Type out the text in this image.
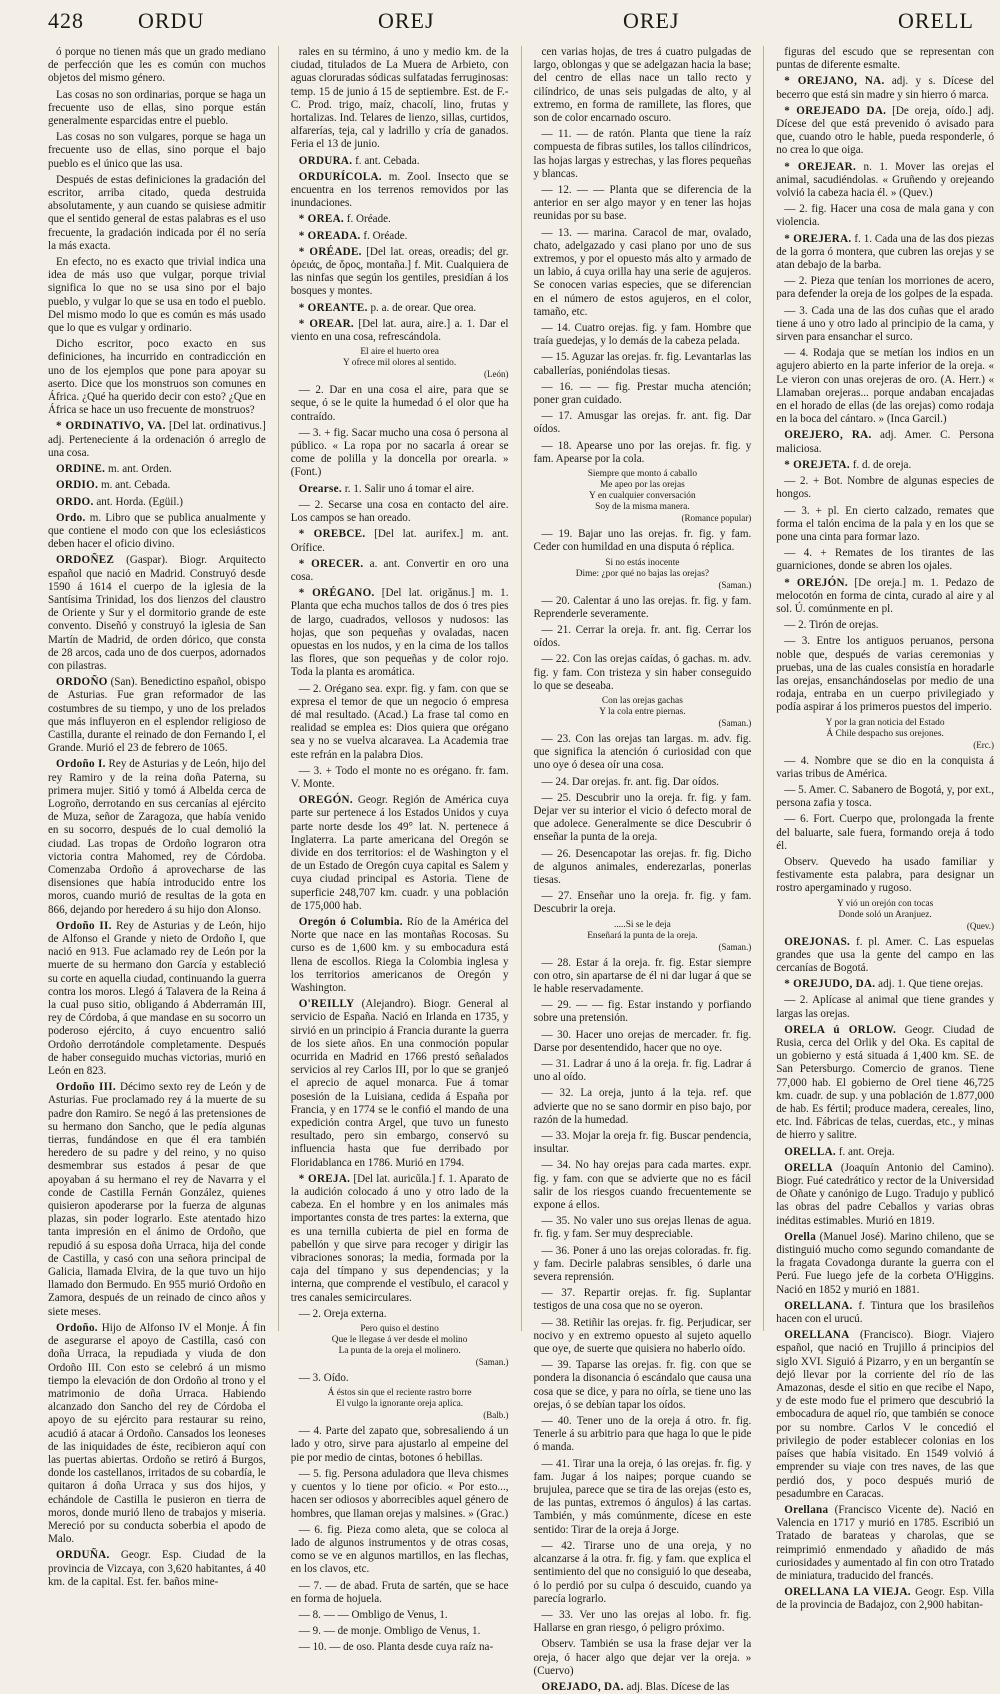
428 ORDU	OREJ	OREJ	ORELL

ó porque no tienen más que un grado mediano de perfección que les es común con muchos objetos del mismo género.

Las cosas no son ordinarias, porque se haga un frecuente uso de ellas, sino porque están generalmente esparcidas entre el pueblo.

Las cosas no son vulgares, porque se haga un frecuente uso de ellas, sino porque el bajo pueblo es el único que las usa.

Después de estas definiciones la gradación del escritor, arriba citado, queda destruida absolutamente, y aun cuando se quisiese admitir que el sentido general de estas palabras es el uso frecuente, la gradación indicada por él no sería la más exacta.

En efecto, no es exacto que trivial indica una idea de más uso que vulgar, porque trivial significa lo que no se usa sino por el bajo pueblo, y vulgar lo que se usa en todo el pueblo. Del mismo modo lo que es común es más usado que lo que es vulgar y ordinario.

Dicho escritor, poco exacto en sus definiciones, ha incurrido en contradicción en uno de los ejemplos que pone para apoyar su aserto. Dice que los monstruos son comunes en África. ¿Qué ha querido decir con esto? ¿Que en África se hace un uso frecuente de monstruos?

* ORDINATIVO, VA. [Del lat. ordinativus.] adj. Perteneciente á la ordenación ó arreglo de una cosa.

ORDINE. m. ant. Orden.

ORDIO. m. ant. Cebada.

ORDO. ant. Horda. (Egüil.)

Ordo. m. Libro que se publica anualmente y que contiene el modo con que los eclesiásticos deben hacer el oficio divino.

ORDOÑEZ (Gaspar). Biogr. Arquitecto español que nació en Madrid. Construyó desde 1590 á 1614 el cuerpo de la iglesia de la Santísima Trinidad, los dos lienzos del claustro de Oriente y Sur y el dormitorio grande de este convento. Diseñó y construyó la iglesia de San Martín de Madrid, de orden dórico, que consta de 28 arcos, cada uno de dos cuerpos, adornados con pilastras.

ORDOÑO (San). Benedictino español, obispo de Asturias. Fue gran reformador de las costumbres de su tiempo, y uno de los prelados que más influyeron en el esplendor religioso de Castilla, durante el reinado de don Fernando I, el Grande. Murió el 23 de febrero de 1065.

Ordoño I. Rey de Asturias y de León, hijo del rey Ramiro y de la reina doña Paterna, su primera mujer. Sitió y tomó á Albelda cerca de Logroño, derrotando en sus cercanías al ejército de Muza, señor de Zaragoza, que había venido en su socorro, después de lo cual demolió la ciudad. Las tropas de Ordoño lograron otra victoria contra Mahomed, rey de Córdoba. Comenzaba Ordoño á aprovecharse de las disensiones que había introducido entre los moros, cuando murió de resultas de la gota en 866, dejando por heredero á su hijo don Alonso.

Ordoño II. Rey de Asturias y de León, hijo de Alfonso el Grande y nieto de Ordoño I, que nació en 913. Fue aclamado rey de León por la muerte de su hermano don García y estableció su corte en aquella ciudad, continuando la guerra contra los moros. Llegó á Talavera de la Reina á la cual puso sitio, obligando á Abderramán III, rey de Córdoba, á que mandase en su socorro un poderoso ejército, á cuyo encuentro salió Ordoño derrotándole completamente. Después de haber conseguido muchas victorias, murió en León en 823.

Ordoño III. Décimo sexto rey de León y de Asturias. Fue proclamado rey á la muerte de su padre don Ramiro. Se negó á las pretensiones de su hermano don Sancho, que le pedía algunas tierras, fundándose en que él era también heredero de su padre y del reino, y no quiso desmembrar sus estados á pesar de que apoyaban á su hermano el rey de Navarra y el conde de Castilla Fernán González, quienes quisieron apoderarse por la fuerza de algunas plazas, sin poder lograrlo. Este atentado hizo tanta impresión en el ánimo de Ordoño, que repudió á su esposa doña Urraca, hija del conde de Castilla, y casó con una señora principal de Galicia, llamada Elvira, de la que tuvo un hijo llamado don Bermudo. En 955 murió Ordoño en Zamora, después de un reinado de cinco años y siete meses.

Ordoño. Hijo de Alfonso IV el Monje. Á fin de asegurarse el apoyo de Castilla, casó con doña Urraca, la repudiada y viuda de don Ordoño III. Con esto se celebró á un mismo tiempo la elevación de don Ordoño al trono y el matrimonio de doña Urraca. Habiendo alcanzado don Sancho del rey de Córdoba el apoyo de su ejército para restaurar su reino, acudió á atacar á Ordoño. Cansados los leoneses de las iniquidades de éste, recibieron aquí con las puertas abiertas. Ordoño se retiró á Burgos, donde los castellanos, irritados de su cobardía, le quitaron á doña Urraca y sus dos hijos, y echándole de Castilla le pusieron en tierra de moros, donde murió lleno de trabajos y miseria. Mereció por su conducta soberbia el apodo de Malo.

ORDUÑA. Geogr. Esp. Ciudad de la provincia de Vizcaya, con 3,620 habitantes, á 40 km. de la capital. Est. fer. baños mine-

rales en su término, á uno y medio km. de la ciudad, titulados de La Muera de Arbieto, con aguas cloruradas sódicas sulfatadas ferruginosas: temp. 15 de junio á 15 de septiembre. Est. de F.-C. Prod. trigo, maíz, chacolí, lino, frutas y hortalizas. Ind. Telares de lienzo, sillas, curtidos, alfarerías, teja, cal y ladrillo y cría de ganados. Feria el 13 de junio.

ORDURA. f. ant. Cebada.

ORDURÍCOLA. m. Zool. Insecto que se encuentra en los terrenos removidos por las inundaciones.

* OREA. f. Oréade.

* OREADA. f. Oréade.

* ORÉADE. [Del lat. oreas, oreadis; del gr. ὀρειάς, de ὄρος, montaña.] f. Mit. Cualquiera de las ninfas que según los gentiles, presidían á los bosques y montes.

* OREANTE. p. a. de orear. Que orea.

* OREAR. [Del lat. aura, aire.] a. 1. Dar el viento en una cosa, refrescándola.

El aire el huerto orea
Y ofrece mil olores al sentido.
(León)

— 2. Dar en una cosa el aire, para que se seque, ó se le quite la humedad ó el olor que ha contraído.

— 3. + fig. Sacar mucho una cosa ó persona al público. « La ropa por no sacarla á orear se come de polilla y la doncella por orearla. » (Font.)

Orearse. r. 1. Salir uno á tomar el aire.

— 2. Secarse una cosa en contacto del aire. Los campos se han oreado.

* OREBCE. [Del lat. aurifex.] m. ant. Orífice.

* ORECER. a. ant. Convertir en oro una cosa.

* ORÉGANO. [Del lat. origănus.] m. 1. Planta que echa muchos tallos de dos ó tres pies de largo, cuadrados, vellosos y nudosos: las hojas, que son pequeñas y ovaladas, nacen opuestas en los nudos, y en la cima de los tallos las flores, que son pequeñas y de color rojo. Toda la planta es aromática.

— 2. Orégano sea. expr. fig. y fam. con que se expresa el temor de que un negocio ó empresa dé mal resultado. (Acad.) La frase tal como en realidad se emplea es: Dios quiera que orégano sea y no se vuelva alcaravea. La Academia trae este refrán en la palabra Dios.

— 3. + Todo el monte no es orégano. fr. fam. V. Monte.

OREGÓN. Geogr. Región de América cuya parte sur pertenece á los Estados Unidos y cuya parte norte desde los 49° lat. N. pertenece á Inglaterra. La parte americana del Oregón se divide en dos territorios: el de Washington y el de un Estado de Oregón cuya capital es Salem y cuya ciudad principal es Astoria. Tiene de superficie 248,707 km. cuadr. y una población de 175,000 hab.

Oregón ó Columbia. Río de la América del Norte que nace en las montañas Rocosas. Su curso es de 1,600 km. y su embocadura está llena de escollos. Riega la Colombia inglesa y los territorios americanos de Oregón y Washington.

O'REILLY (Alejandro). Biogr. General al servicio de España. Nació en Irlanda en 1735, y sirvió en un principio á Francia durante la guerra de los siete años. En una conmoción popular ocurrida en Madrid en 1766 prestó señalados servicios al rey Carlos III, por lo que se granjeó el aprecio de aquel monarca. Fue á tomar posesión de la Luisiana, cedida á España por Francia, y en 1774 se le confió el mando de una expedición contra Argel, que tuvo un funesto resultado, pero sin embargo, conservó su influencia hasta que fue derribado por Floridablanca en 1786. Murió en 1794.

* OREJA. [Del lat. auricŭla.] f. 1. Aparato de la audición colocado á uno y otro lado de la cabeza. En el hombre y en los animales más importantes consta de tres partes: la externa, que es una ternilla cubierta de piel en forma de pabellón y que sirve para recoger y dirigir las vibraciones sonoras; la media, formada por la caja del tímpano y sus dependencias; y la interna, que comprende el vestíbulo, el caracol y tres canales semicirculares.

— 2. Oreja externa.

Pero quiso el destino
Que le llegase á ver desde el molino
La punta de la oreja el molinero.
(Saman.)

— 3. Oído.

Á éstos sin que el reciente rastro borre
El vulgo la ignorante oreja aplica.
(Balb.)

— 4. Parte del zapato que, sobresaliendo á un lado y otro, sirve para ajustarlo al empeine del pie por medio de cintas, botones ó hebillas.

— 5. fig. Persona aduladora que lleva chismes y cuentos y lo tiene por oficio. « Por esto..., hacen ser odiosos y aborrecibles aquel género de hombres, que llaman orejas y malsines. » (Grac.)

— 6. fig. Pieza como aleta, que se coloca al lado de algunos instrumentos y de otras cosas, como se ve en algunos martillos, en las flechas, en los clavos, etc.

— 7. — de abad. Fruta de sartén, que se hace en forma de hojuela.

— 8. — — Ombligo de Venus, 1.

— 9. — de monje. Ombligo de Venus, 1.

— 10. — de oso. Planta desde cuya raíz na-

cen varias hojas, de tres á cuatro pulgadas de largo, oblongas y que se adelgazan hacia la base; del centro de ellas nace un tallo recto y cilíndrico, de unas seis pulgadas de alto, y al extremo, en forma de ramillete, las flores, que son de color encarnado oscuro.

— 11. — de ratón. Planta que tiene la raíz compuesta de fibras sutiles, los tallos cilíndricos, las hojas largas y estrechas, y las flores pequeñas y blancas.

— 12. — — Planta que se diferencia de la anterior en ser algo mayor y en tener las hojas reunidas por su base.

— 13. — marina. Caracol de mar, ovalado, chato, adelgazado y casi plano por uno de sus extremos, y por el opuesto más alto y armado de un labio, á cuya orilla hay una serie de agujeros. Se conocen varias especies, que se diferencian en el número de estos agujeros, en el color, tamaño, etc.

— 14. Cuatro orejas. fig. y fam. Hombre que traía guedejas, y lo demás de la cabeza pelada.

— 15. Aguzar las orejas. fr. fig. Levantarlas las caballerías, poniéndolas tiesas.

— 16. — — fig. Prestar mucha atención; poner gran cuidado.

— 17. Amusgar las orejas. fr. ant. fig. Dar oídos.

— 18. Apearse uno por las orejas. fr. fig. y fam. Apearse por la cola.

Siempre que monto á caballo
Me apeo por las orejas
Y en cualquier conversación
Soy de la misma manera.
(Romance popular)

— 19. Bajar uno las orejas. fr. fig. y fam. Ceder con humildad en una disputa ó réplica.

Si no estás inocente
Dime: ¿por qué no bajas las orejas?
(Saman.)

— 20. Calentar á uno las orejas. fr. fig. y fam. Reprenderle severamente.

— 21. Cerrar la oreja. fr. ant. fig. Cerrar los oídos.

— 22. Con las orejas caídas, ó gachas. m. adv. fig. y fam. Con tristeza y sin haber conseguido lo que se deseaba.

Con las orejas gachas
Y la cola entre piernas.
(Saman.)

— 23. Con las orejas tan largas. m. adv. fig. que significa la atención ó curiosidad con que uno oye ó desea oír una cosa.

— 24. Dar orejas. fr. ant. fig. Dar oídos.

— 25. Descubrir uno la oreja. fr. fig. y fam. Dejar ver su interior el vicio ó defecto moral de que adolece. Generalmente se dice Descubrir ó enseñar la punta de la oreja.

— 26. Desencapotar las orejas. fr. fig. Dicho de algunos animales, enderezarlas, ponerlas tiesas.

— 27. Enseñar uno la oreja. fr. fig. y fam. Descubrir la oreja.

.....Si se le deja
Enseñará la punta de la oreja.
(Saman.)

— 28. Estar á la oreja. fr. fig. Estar siempre con otro, sin apartarse de él ni dar lugar á que se le hable reservadamente.

— 29. — — fig. Estar instando y porfiando sobre una pretensión.

— 30. Hacer uno orejas de mercader. fr. fig. Darse por desentendido, hacer que no oye.

— 31. Ladrar á uno á la oreja. fr. fig. Ladrar á uno al oído.

— 32. La oreja, junto á la teja. ref. que advierte que no se sano dormir en piso bajo, por razón de la humedad.

— 33. Mojar la oreja fr. fig. Buscar pendencia, insultar.

— 34. No hay orejas para cada martes. expr. fig. y fam. con que se advierte que no es fácil salir de los riesgos cuando frecuentemente se expone á ellos.

— 35. No valer uno sus orejas llenas de agua. fr. fig. y fam. Ser muy despreciable.

— 36. Poner á uno las orejas coloradas. fr. fig. y fam. Decirle palabras sensibles, ó darle una severa reprensión.

— 37. Repartir orejas. fr. fig. Suplantar testigos de una cosa que no se oyeron.

— 38. Retiñir las orejas. fr. fig. Perjudicar, ser nocivo y en extremo opuesto al sujeto aquello que oye, de suerte que quisiera no haberlo oído.

— 39. Taparse las orejas. fr. fig. con que se pondera la disonancia ó escándalo que causa una cosa que se dice, y para no oírla, se tiene uno las orejas, ó se debían tapar los oídos.

— 40. Tener uno de la oreja á otro. fr. fig. Tenerle á su arbitrio para que haga lo que le pide ó manda.

— 41. Tirar una la oreja, ó las orejas. fr. fig. y fam. Jugar á los naipes; porque cuando se brujulea, parece que se tira de las orejas (esto es, de las puntas, extremos ó ángulos) á las cartas. También, y más comúnmente, dícese en este sentido: Tirar de la oreja á Jorge.

— 42. Tirarse uno de una oreja, y no alcanzarse á la otra. fr. fig. y fam. que explica el sentimiento del que no consiguió lo que deseaba, ó lo perdió por su culpa ó descuido, cuando ya parecía lograrlo.

— 33. Ver uno las orejas al lobo. fr. fig. Hallarse en gran riesgo, ó peligro próximo.

Observ. También se usa la frase dejar ver la oreja, ó hacer algo que dejar ver la oreja. » (Cuervo)

OREJADO, DA. adj. Blas. Dícese de las

figuras del escudo que se representan con puntas de diferente esmalte.

* OREJANO, NA. adj. y s. Dícese del becerro que está sin madre y sin hierro ó marca.

* OREJEADO DA. [De oreja, oído.] adj. Dícese del que está prevenido ó avisado para que, cuando otro le hable, pueda responderle, ó no crea lo que oiga.

* OREJEAR. n. 1. Mover las orejas el animal, sacudiéndolas. « Gruñendo y orejeando volvió la cabeza hacia él. » (Quev.)

— 2. fig. Hacer una cosa de mala gana y con violencia.

* OREJERA. f. 1. Cada una de las dos piezas de la gorra ó montera, que cubren las orejas y se atan debajo de la barba.

— 2. Pieza que tenían los morriones de acero, para defender la oreja de los golpes de la espada.

— 3. Cada una de las dos cuñas que el arado tiene á uno y otro lado al principio de la cama, y sirven para ensanchar el surco.

— 4. Rodaja que se metían los indios en un agujero abierto en la parte inferior de la oreja. « Le vieron con unas orejeras de oro. (A. Herr.) « Llamaban orejeras... porque andaban encajadas en el horado de ellas (de las orejas) como rodaja en la boca del cántaro. » (Inca Garcil.)

OREJERO, RA. adj. Amer. C. Persona maliciosa.

* OREJETA. f. d. de oreja.

— 2. + Bot. Nombre de algunas especies de hongos.

— 3. + pl. En cierto calzado, remates que forma el talón encima de la pala y en los que se pone una cinta para formar lazo.

— 4. + Remates de los tirantes de las guarniciones, donde se abren los ojales.

* OREJÓN. [De oreja.] m. 1. Pedazo de melocotón en forma de cinta, curado al aire y al sol. Ú. comúnmente en pl.

— 2. Tirón de orejas.

— 3. Entre los antiguos peruanos, persona noble que, después de varias ceremonias y pruebas, una de las cuales consistía en horadarle las orejas, ensanchándoselas por medio de una rodaja, entraba en un cuerpo privilegiado y podía aspirar á los primeros puestos del imperio.

Y por la gran noticia del Estado
Á Chile despacho sus orejones.
(Erc.)

— 4. Nombre que se dio en la conquista á varias tribus de América.

— 5. Amer. C. Sabanero de Bogotá, y, por ext., persona zafia y tosca.

— 6. Fort. Cuerpo que, prolongada la frente del baluarte, sale fuera, formando oreja á todo él.

Observ. Quevedo ha usado familiar y festivamente esta palabra, para designar un rostro apergaminado y rugoso.

Y vió un orejón con tocas
Donde soló un Aranjuez.
(Quev.)

OREJONAS. f. pl. Amer. C. Las espuelas grandes que usa la gente del campo en las cercanías de Bogotá.

* OREJUDO, DA. adj. 1. Que tiene orejas.

— 2. Aplícase al animal que tiene grandes y largas las orejas.

ORELA ú ORLOW. Geogr. Ciudad de Rusia, cerca del Orlik y del Oka. Es capital de un gobierno y está situada á 1,400 km. SE. de San Petersburgo. Comercio de granos. Tiene 77,000 hab. El gobierno de Orel tiene 46,725 km. cuadr. de sup. y una población de 1.877,000 de hab. Es fértil; produce madera, cereales, lino, etc. Ind. Fábricas de telas, cuerdas, etc., y minas de hierro y salitre.

ORELLA. f. ant. Oreja.

ORELLA (Joaquín Antonio del Camino). Biogr. Fué catedrático y rector de la Universidad de Oñate y canónigo de Lugo. Tradujo y publicó las obras del padre Ceballos y varias obras inéditas estimables. Murió en 1819.

Orella (Manuel José). Marino chileno, que se distinguió mucho como segundo comandante de la fragata Covadonga durante la guerra con el Perú. Fue luego jefe de la corbeta O'Higgins. Nació en 1852 y murió en 1881.

ORELLANA. f. Tintura que los brasileños hacen con el urucú.

ORELLANA (Francisco). Biogr. Viajero español, que nació en Trujillo á principios del siglo XVI. Siguió á Pizarro, y en un bergantín se dejó llevar por la corriente del río de las Amazonas, desde el sitio en que recibe el Napo, y de este modo fue el primero que descubrió la embocadura de aquel río, que también se conoce por su nombre. Carlos V le concedió el privilegio de poder establecer colonias en los países que había visitado. En 1549 volvió á emprender su viaje con tres naves, de las que perdió dos, y poco después murió de pesadumbre en Caracas.

Orellana (Francisco Vicente de). Nació en Valencia en 1717 y murió en 1785. Escribió un Tratado de barateas y charolas, que se reimprimió enmendado y añadido de más curiosidades y aumentado al fin con otro Tratado de miniatura, traducido del francés.

ORELLANA LA VIEJA. Geogr. Esp. Villa de la provincia de Badajoz, con 2,900 habitan-
